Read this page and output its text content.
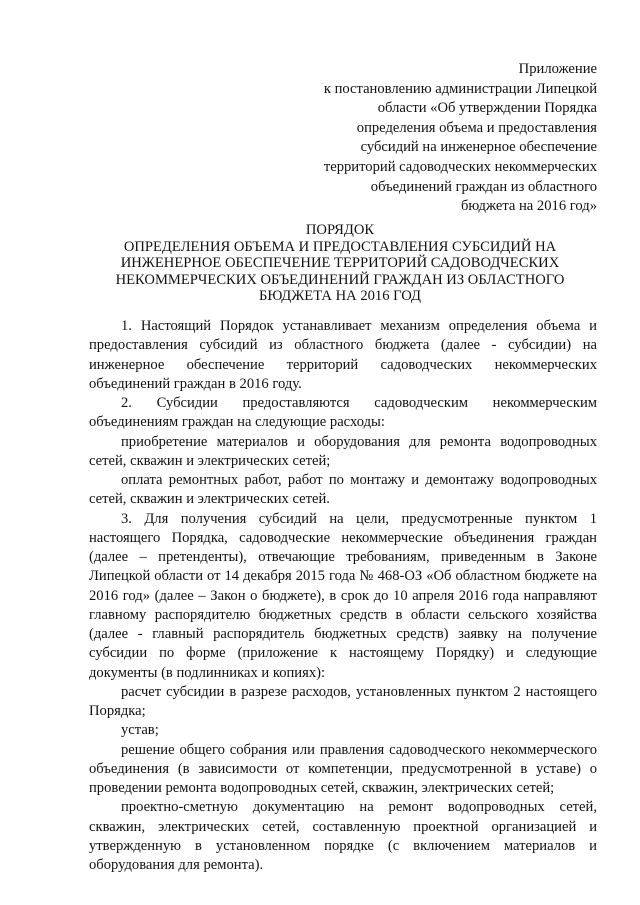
Приложение
к постановлению администрации Липецкой
области «Об утверждении Порядка
определения объема и предоставления
субсидий на инженерное обеспечение
территорий садоводческих некоммерческих
объединений граждан из областного
бюджета на 2016 год»
ПОРЯДОК
ОПРЕДЕЛЕНИЯ ОБЪЕМА И ПРЕДОСТАВЛЕНИЯ СУБСИДИЙ НА
ИНЖЕНЕРНОЕ ОБЕСПЕЧЕНИЕ ТЕРРИТОРИЙ САДОВОДЧЕСКИХ
НЕКОММЕРЧЕСКИХ ОБЪЕДИНЕНИЙ ГРАЖДАН ИЗ ОБЛАСТНОГО
БЮДЖЕТА НА 2016 ГОД

1. Настоящий Порядок устанавливает механизм определения объема и предоставления субсидий из областного бюджета (далее - субсидии) на инженерное обеспечение территорий садоводческих некоммерческих объединений граждан в 2016 году.

2. Субсидии предоставляются садоводческим некоммерческим объединениям граждан на следующие расходы:

приобретение материалов и оборудования для ремонта водопроводных сетей, скважин и электрических сетей;

оплата ремонтных работ, работ по монтажу и демонтажу водопроводных сетей, скважин и электрических сетей.

3. Для получения субсидий на цели, предусмотренные пунктом 1 настоящего Порядка, садоводческие некоммерческие объединения граждан (далее – претенденты), отвечающие требованиям, приведенным в Законе Липецкой области от 14 декабря 2015 года № 468-ОЗ «Об областном бюджете на 2016 год» (далее – Закон о бюджете), в срок до 10 апреля 2016 года направляют главному распорядителю бюджетных средств в области сельского хозяйства (далее - главный распорядитель бюджетных средств) заявку на получение субсидии по форме (приложение к настоящему Порядку) и следующие документы (в подлинниках и копиях):

расчет субсидии в разрезе расходов, установленных пунктом 2 настоящего Порядка;

устав;

решение общего собрания или правления садоводческого некоммерческого объединения (в зависимости от компетенции, предусмотренной в уставе) о проведении ремонта водопроводных сетей, скважин, электрических сетей;

проектно-сметную документацию на ремонт водопроводных сетей, скважин, электрических сетей, составленную проектной организацией и утвержденную в установленном порядке (с включением материалов и оборудования для ремонта).
